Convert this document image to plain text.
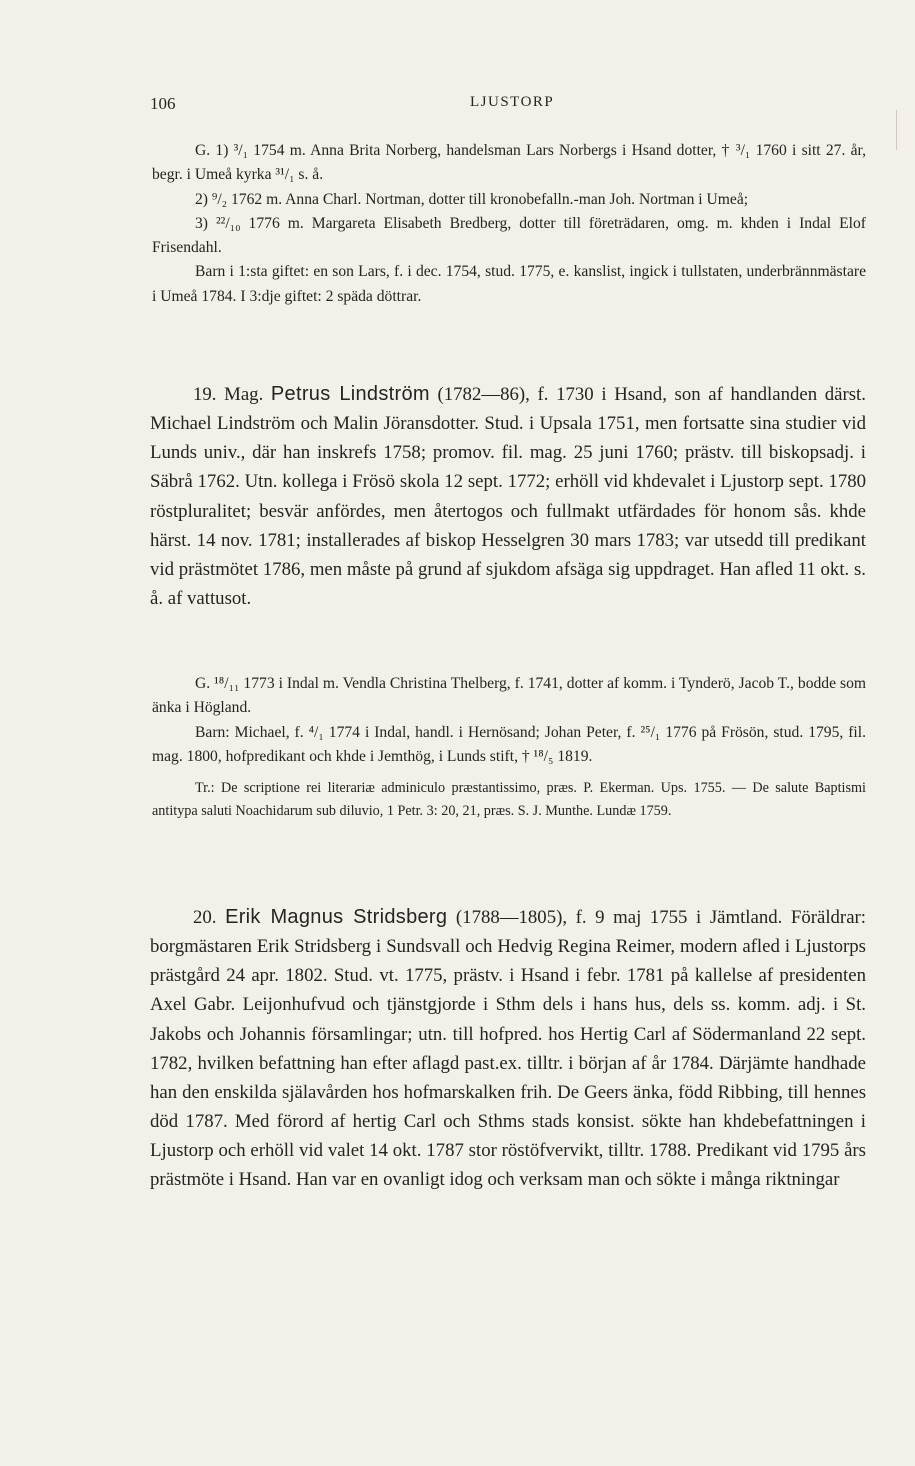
106	LJUSTORP

G. 1) ³/₁ 1754 m. Anna Brita Norberg, handelsman Lars Norbergs i Hsand dotter, † ³/₁ 1760 i sitt 27. år, begr. i Umeå kyrka ³¹/₁ s. å.

2) ⁹/₂ 1762 m. Anna Charl. Nortman, dotter till kronobefalln.-man Joh. Nortman i Umeå;

3) ²²/₁₀ 1776 m. Margareta Elisabeth Bredberg, dotter till företrädaren, omg. m. khden i Indal Elof Frisendahl.

Barn i 1:sta giftet: en son Lars, f. i dec. 1754, stud. 1775, e. kanslist, ingick i tullstaten, underbrännmästare i Umeå 1784. I 3:dje giftet: 2 späda döttrar.

19. Mag. Petrus Lindström (1782—86), f. 1730 i Hsand, son af handlanden därst. Michael Lindström och Malin Jöransdotter. Stud. i Upsala 1751, men fortsatte sina studier vid Lunds univ., där han inskrefs 1758; promov. fil. mag. 25 juni 1760; prästv. till biskopsadj. i Säbrå 1762. Utn. kollega i Frösö skola 12 sept. 1772; erhöll vid khdevalet i Ljustorp sept. 1780 röstpluralitet; besvär anfördes, men återtogos och fullmakt utfärdades för honom sås. khde härst. 14 nov. 1781; installerades af biskop Hesselgren 30 mars 1783; var utsedd till predikant vid prästmötet 1786, men måste på grund af sjukdom afsäga sig uppdraget. Han afled 11 okt. s. å. af vattusot.

G. ¹⁸/₁₁ 1773 i Indal m. Vendla Christina Thelberg, f. 1741, dotter af komm. i Tynderö, Jacob T., bodde som änka i Högland.

Barn: Michael, f. ⁴/₁ 1774 i Indal, handl. i Hernösand; Johan Peter, f. ²⁵/₁ 1776 på Frösön, stud. 1795, fil. mag. 1800, hofpredikant och khde i Jemthög, i Lunds stift, † ¹⁸/₅ 1819.

Tr.: De scriptione rei literariæ adminiculo præstantissimo, præs. P. Ekerman. Ups. 1755. — De salute Baptismi antitypa saluti Noachidarum sub diluvio, 1 Petr. 3: 20, 21, præs. S. J. Munthe. Lundæ 1759.

20. Erik Magnus Stridsberg (1788—1805), f. 9 maj 1755 i Jämtland. Föräldrar: borgmästaren Erik Stridsberg i Sundsvall och Hedvig Regina Reimer, modern afled i Ljustorps prästgård 24 apr. 1802. Stud. vt. 1775, prästv. i Hsand i febr. 1781 på kallelse af presidenten Axel Gabr. Leijonhufvud och tjänstgjorde i Sthm dels i hans hus, dels ss. komm. adj. i St. Jakobs och Johannis församlingar; utn. till hofpred. hos Hertig Carl af Södermanland 22 sept. 1782, hvilken befattning han efter aflagd past.ex. tilltr. i början af år 1784. Därjämte handhade han den enskilda själavården hos hofmarskalken frih. De Geers änka, född Ribbing, till hennes död 1787. Med förord af hertig Carl och Sthms stads konsist. sökte han khdebefattningen i Ljustorp och erhöll vid valet 14 okt. 1787 stor röstöfvervikt, tilltr. 1788. Predikant vid 1795 års prästmöte i Hsand. Han var en ovanligt idog och verksam man och sökte i många riktningar
